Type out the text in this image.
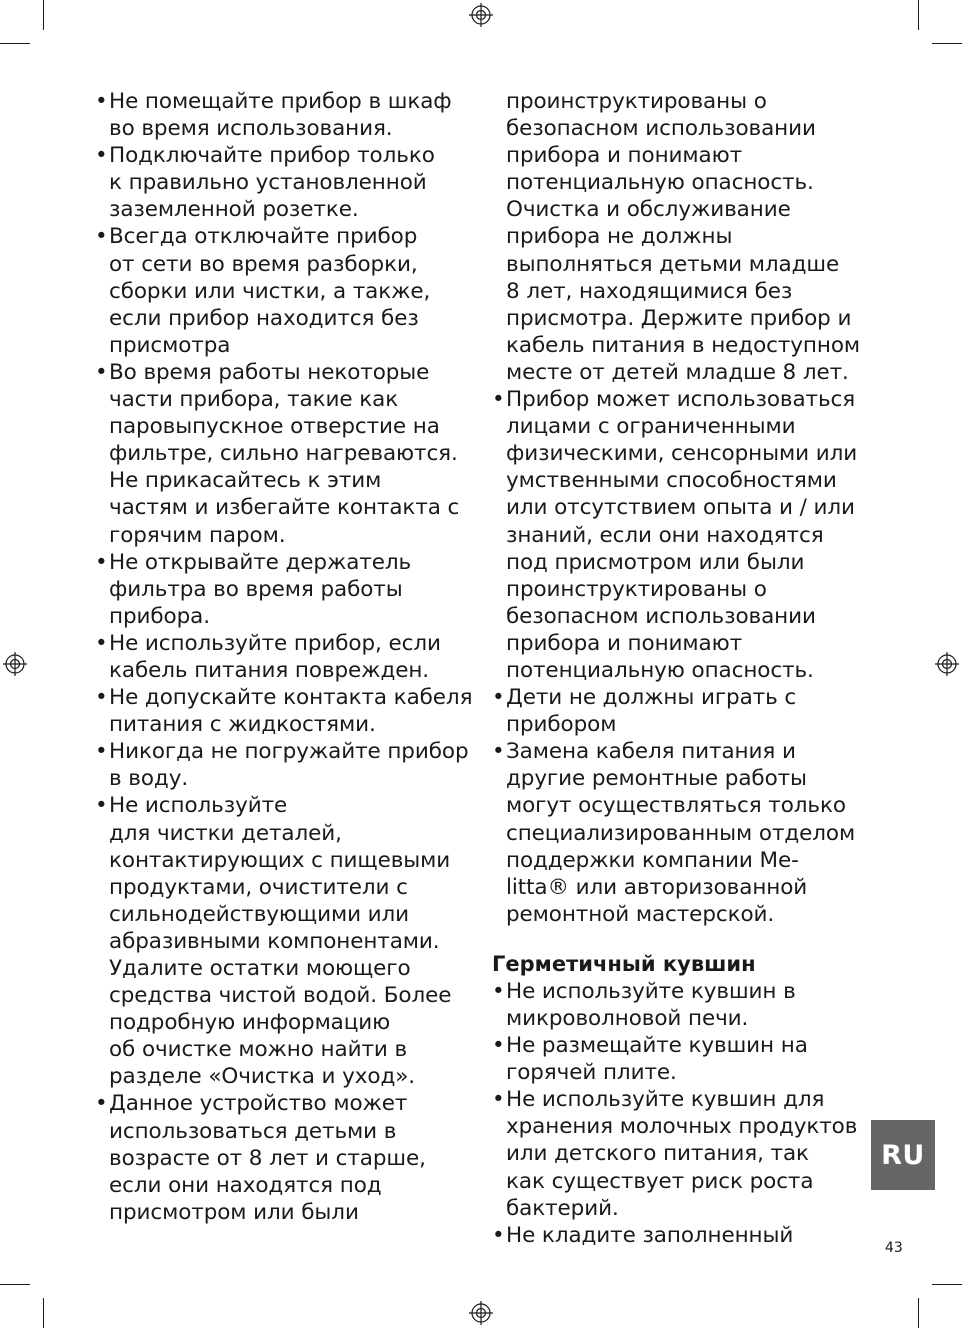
• Не помещайте прибор в шкаф
во время использования.
• Подключайте прибор только
к правильно установленной
заземленной розетке.
• Всегда отключайте прибор
от сети во время разборки,
сборки или чистки, а также,
если прибор находится без
присмотра
• Во время работы некоторые
части прибора, такие как
паровыпускное отверстие на
фильтре, сильно нагреваются.
Не прикасайтесь к этим
частям и избегайте контакта с
горячим паром.
• Не открывайте держатель
фильтра во время работы
прибора.
• Не используйте прибор, если
кабель питания поврежден.
• Не допускайте контакта кабеля
питания с жидкостями.
• Никогда не погружайте прибор
в воду.
• Не используйте
для чистки деталей,
контактирующих с пищевыми
продуктами, очистители с
сильнодействующими или
абразивными компонентами.
Удалите остатки моющего
средства чистой водой. Более
подробную информацию
об очистке можно найти в
разделе «Очистка и уход».
• Данное устройство может
использоваться детьми в
возрасте от 8 лет и старше,
если они находятся под
присмотром или были

проинструктированы о
безопасном использовании
прибора и понимают
потенциальную опасность.
Очистка и обслуживание
прибора не должны
выполняться детьми младше
8 лет, находящимися без
присмотра. Держите прибор и
кабель питания в недоступном
месте от детей младше 8 лет.

• Прибор может использоваться
лицами с ограниченными
физическими, сенсорными или
умственными способностями
или отсутствием опыта и / или
знаний, если они находятся
под присмотром или были
проинструктированы о
безопасном использовании
прибора и понимают
потенциальную опасность.
• Дети не должны играть с
прибором
• Замена кабеля питания и
другие ремонтные работы
могут осуществляться только
специализированным отделом
поддержки компании Ме-
litta® или авторизованной
ремонтной мастерской.
Герметичный кувшин
• Не используйте кувшин в
микроволновой печи.
• Не размещайте кувшин на
горячей плите.
• Не используйте кувшин для
хранения молочных продуктов
или детского питания, так
как существует риск роста
бактерий.
• Не кладите заполненный
RU
43
